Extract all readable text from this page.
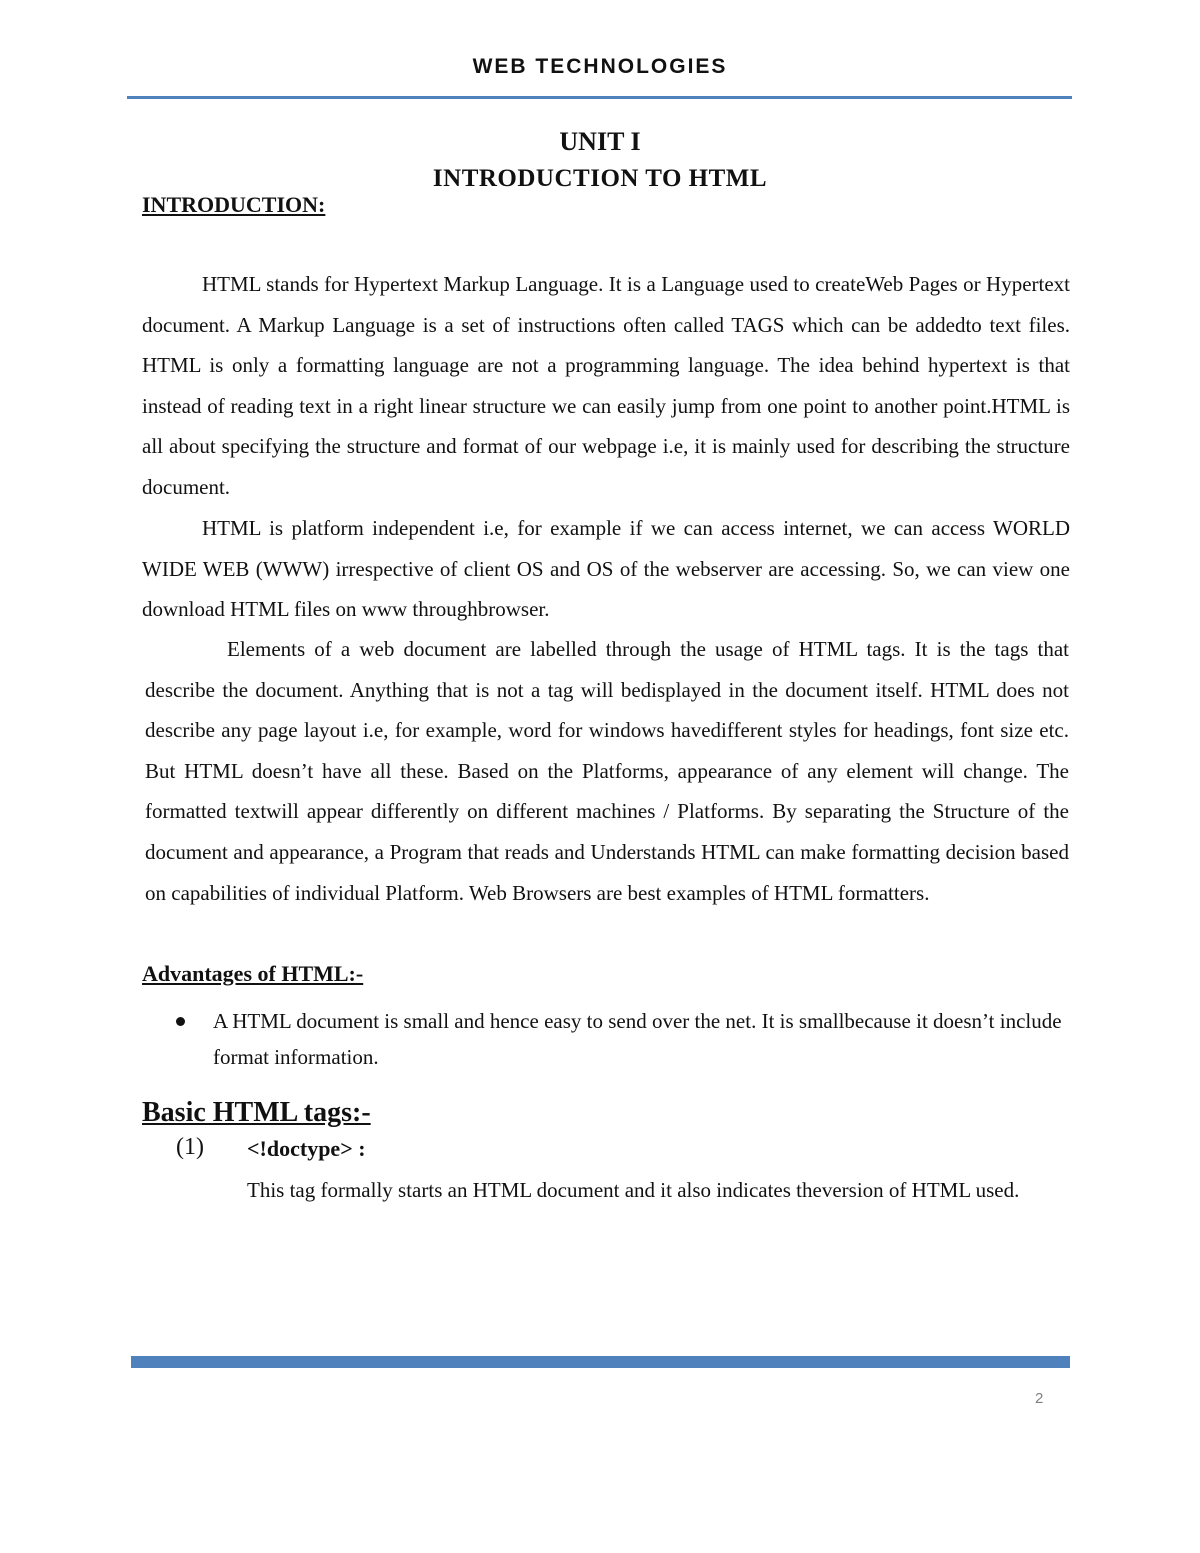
WEB TECHNOLOGIES
UNIT I
INTRODUCTION TO HTML
INTRODUCTION:

HTML stands for Hypertext Markup Language. It is a Language used to createWeb Pages or Hypertext document. A Markup Language is a set of instructions often called TAGS which can be addedto text files. HTML is only a formatting language are not a programming language. The idea behind hypertext is that instead of reading text in a right linear structure we can easily jump from one point to another point.HTML is all about specifying the structure and format of our webpage i.e, it is mainly used for describing the structure document.

HTML is platform independent i.e, for example if we can access internet, we can access WORLD WIDE WEB (WWW) irrespective of client OS and OS of the webserver are accessing. So, we can view one download HTML files on www throughbrowser.

Elements of a web document are labelled through the usage of HTML tags. It is the tags that describe the document. Anything that is not a tag will bedisplayed in the document itself. HTML does not describe any page layout i.e, for example, word for windows havedifferent styles for headings, font size etc. But HTML doesn’t have all these. Based on the Platforms, appearance of any element will change. The formatted textwill appear differently on different machines / Platforms. By separating the Structure of the document and appearance, a Program that reads and Understands HTML can make formatting decision based on capabilities of individual Platform. Web Browsers are best examples of HTML formatters.

Advantages of HTML:-
A HTML document is small and hence easy to send over the net. It is smallbecause it doesn’t include format information.
Basic HTML tags:-
(1) <!doctype> :

This tag formally starts an HTML document and it also indicates theversion of HTML used.

2
